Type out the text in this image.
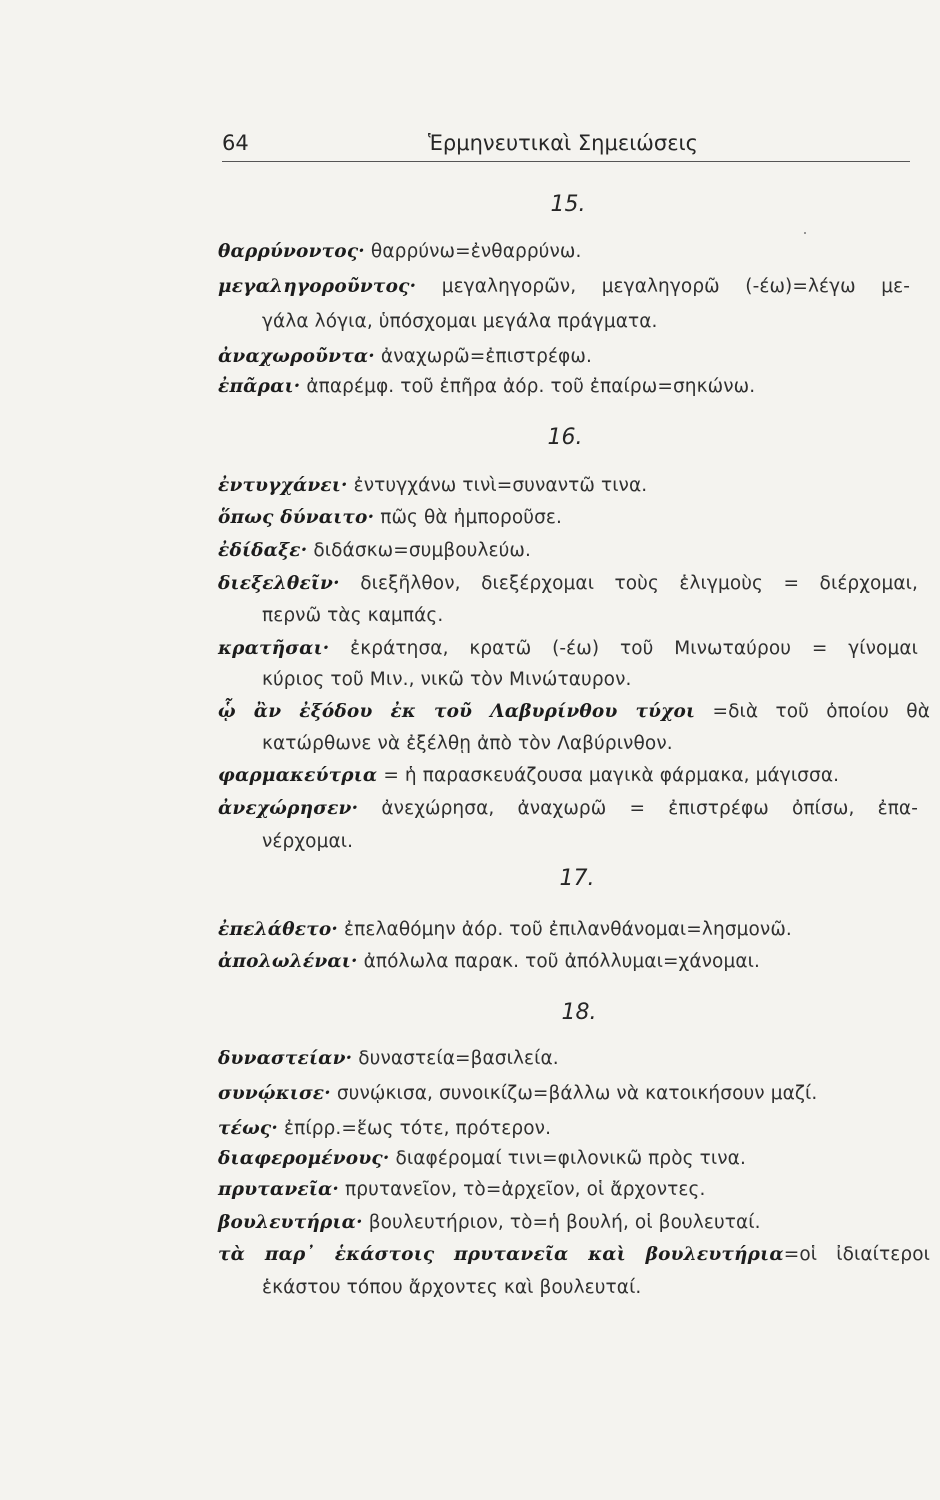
64	Ἑρμηνευτικαὶ Σημειώσεις
15.
θαρρύνοντος· θαρρύνω=ἐνθαρρύνω.
μεγαληγοροῦντος· μεγαληγορῶν, μεγαληγορῶ (-έω)=λέγω με-
γάλα λόγια, ὑπόσχομαι μεγάλα πράγματα.
ἀναχωροῦντα· ἀναχωρῶ=ἐπιστρέφω.
ἐπᾶραι· ἀπαρέμφ. τοῦ ἐπῆρα ἀόρ. τοῦ ἐπαίρω=σηκώνω.
16.
ἐντυγχάνει· ἐντυγχάνω τινὶ=συναντῶ τινα.
ὅπως δύναιτο· πῶς θὰ ἠμποροῦσε.
ἐδίδαξε· διδάσκω=συμβουλεύω.
διεξελθεῖν· διεξῆλθον, διεξέρχομαι τοὺς ἑλιγμοὺς = διέρχομαι,
περνῶ τὰς καμπάς.
κρατῆσαι· ἐκράτησα, κρατῶ (-έω) τοῦ Μινωταύρου = γίνομαι
κύριος τοῦ Μιν., νικῶ τὸν Μινώταυρον.
ᾧ ἂν ἐξόδου ἐκ τοῦ Λαβυρίνθου τύχοι =διὰ τοῦ ὁποίου θὰ
κατώρθωνε νὰ ἐξέλθῃ ἀπὸ τὸν Λαβύρινθον.
φαρμακεύτρια = ἡ παρασκευάζουσα μαγικὰ φάρμακα, μάγισσα.
ἀνεχώρησεν· ἀνεχώρησα, ἀναχωρῶ = ἐπιστρέφω ὀπίσω, ἐπα-
νέρχομαι.
17.
ἐπελάθετο· ἐπελαθόμην ἀόρ. τοῦ ἐπιλανθάνομαι=λησμονῶ.
ἀπολωλέναι· ἀπόλωλα παρακ. τοῦ ἀπόλλυμαι=χάνομαι.
18.
δυναστείαν· δυναστεία=βασιλεία.
συνῴκισε· συνῴκισα, συνοικίζω=βάλλω νὰ κατοικήσουν μαζί.
τέως· ἐπίρρ.=ἕως τότε, πρότερον.
διαφερομένους· διαφέρομαί τινι=φιλονικῶ πρὸς τινα.
πρυτανεῖα· πρυτανεῖον, τὸ=ἀρχεῖον, οἱ ἄρχοντες.
βουλευτήρια· βουλευτήριον, τὸ=ἡ βουλή, οἱ βουλευταί.
τὰ παρ᾽ ἑκάστοις πρυτανεῖα καὶ βουλευτήρια=οἱ ἰδιαίτεροι
ἑκάστου τόπου ἄρχοντες καὶ βουλευταί.
